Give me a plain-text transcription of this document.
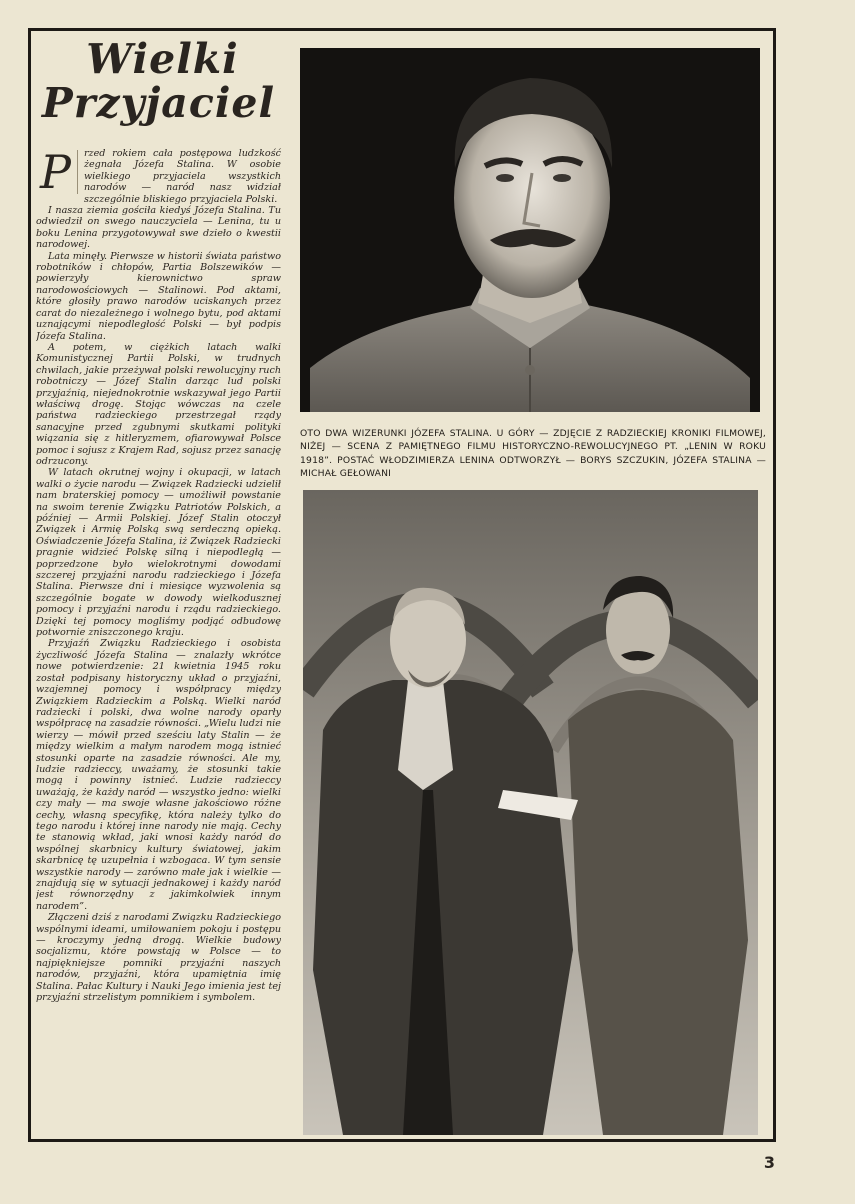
Wielki
Przyjaciel

P	rzed rokiem cała postępowa ludzkość żegnała Józefa Stalina. W osobie wielkiego przyjaciela wszystkich narodów — naród nasz widział szczególnie bliskiego przyjaciela Polski.

I nasza ziemia gościła kiedyś Józefa Stalina. Tu odwiedził on swego nauczyciela — Lenina, tu u boku Lenina przygotowywał swe dzieło o kwestii narodowej.

Lata minęły. Pierwsze w historii świata państwo robotników i chłopów, Partia Bolszewików — powierzyły kierownictwo spraw narodowościowych — Stalinowi. Pod aktami, które głosiły prawo narodów uciskanych przez carat do niezależnego i wolnego bytu, pod aktami uznającymi niepodległość Polski — był podpis Józefa Stalina.

A potem, w ciężkich latach walki Komunistycznej Partii Polski, w trudnych chwilach, jakie przeżywał polski rewolucyjny ruch robotniczy — Józef Stalin darząc lud polski przyjaźnią, niejednokrotnie wskazywał jego Partii właściwą drogę. Stojąc wówczas na czele państwa radzieckiego przestrzegał rządy sanacyjne przed zgubnymi skutkami polityki wiązania się z hitleryzmem, ofiarowywał Polsce pomoc i sojusz z Krajem Rad, sojusz przez sanację odrzucony.

W latach okrutnej wojny i okupacji, w latach walki o życie narodu — Związek Radziecki udzielił nam braterskiej pomocy — umożliwił powstanie na swoim terenie Związku Patriotów Polskich, a później — Armii Polskiej. Józef Stalin otoczył Związek i Armię Polską swą serdeczną opieką. Oświadczenie Józefa Stalina, iż Związek Radziecki pragnie widzieć Polskę silną i niepodległą — poprzedzone było wielokrotnymi dowodami szczerej przyjaźni narodu radzieckiego i Józefa Stalina. Pierwsze dni i miesiące wyzwolenia są szczególnie bogate w dowody wielkodusznej pomocy i przyjaźni narodu i rządu radzieckiego. Dzięki tej pomocy mogliśmy podjąć odbudowę potwornie zniszczonego kraju.

Przyjaźń Związku Radzieckiego i osobista życzliwość Józefa Stalina — znalazły wkrótce nowe potwierdzenie: 21 kwietnia 1945 roku został podpisany historyczny układ o przyjaźni, wzajemnej pomocy i współpracy między Związkiem Radzieckim a Polską. Wielki naród radziecki i polski, dwa wolne narody oparły współpracę na zasadzie równości. „Wielu ludzi nie wierzy — mówił przed sześciu laty Stalin — że między wielkim a małym narodem mogą istnieć stosunki oparte na zasadzie równości. Ale my, ludzie radzieccy, uważamy, że stosunki takie mogą i powinny istnieć. Ludzie radzieccy uważają, że każdy naród — wszystko jedno: wielki czy mały — ma swoje własne jakościowo różne cechy, własną specyfikę, która należy tylko do tego narodu i której inne narody nie mają. Cechy te stanowią wkład, jaki wnosi każdy naród do wspólnej skarbnicy kultury światowej, jakim skarbnicę tę uzupełnia i wzbogaca. W tym sensie wszystkie narody — zarówno małe jak i wielkie — znajdują się w sytuacji jednakowej i każdy naród jest równorzędny z jakimkolwiek innym narodem”.

Złączeni dziś z narodami Związku Radzieckiego wspólnymi ideami, umiłowaniem pokoju i postępu — kroczymy jedną drogą. Wielkie budowy socjalizmu, które powstają w Polsce — to najpiękniejsze pomniki przyjaźni naszych narodów, przyjaźni, która upamiętnia imię Stalina. Pałac Kultury i Nauki Jego imienia jest tej przyjaźni strzelistym pomnikiem i symbolem.

OTO DWA WIZERUNKI JÓZEFA STALINA. U GÓRY — ZDJĘCIE Z RADZIECKIEJ KRONIKI FILMOWEJ, NIŻEJ — SCENA Z PAMIĘTNEGO FILMU HISTORYCZNO-REWOLUCYJNEGO PT. „LENIN W ROKU 1918”. POSTAĆ WŁODZIMIERZA LENINA ODTWORZYŁ — BORYS SZCZUKIN, JÓZEFA STALINA — MICHAŁ GEŁOWANI
3
